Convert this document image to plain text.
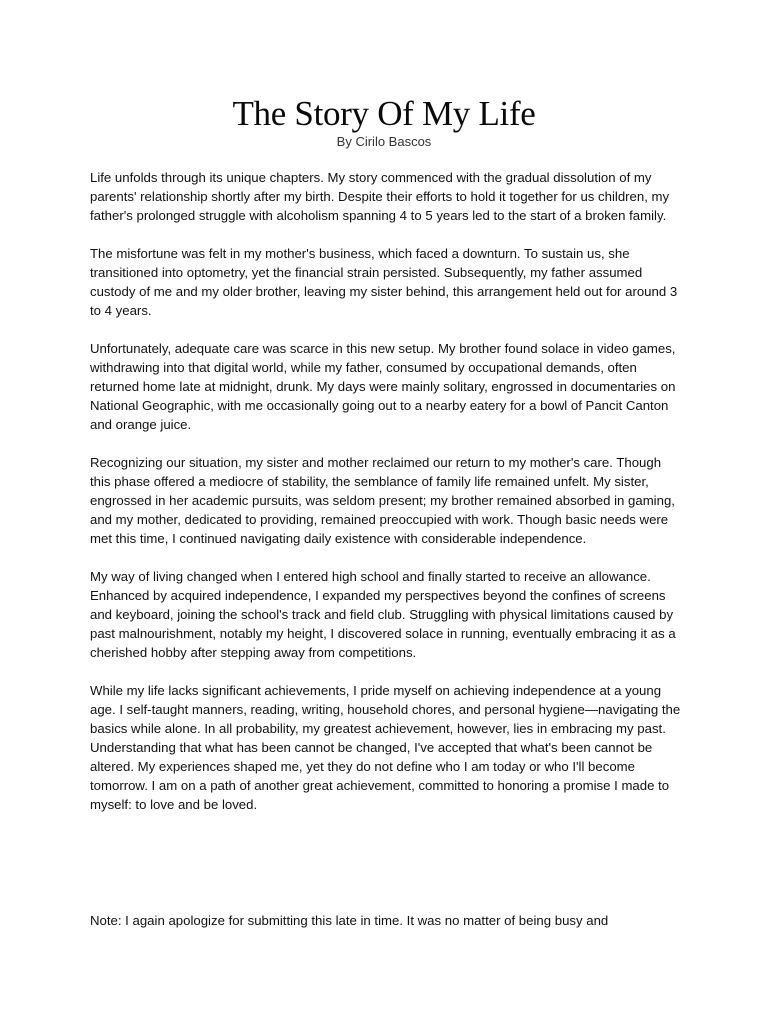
The Story Of My Life
By Cirilo Bascos

Life unfolds through its unique chapters. My story commenced with the gradual dissolution of my parents' relationship shortly after my birth. Despite their efforts to hold it together for us children, my father's prolonged struggle with alcoholism spanning 4 to 5 years led to the start of a broken family.

The misfortune was felt in my mother's business, which faced a downturn. To sustain us, she transitioned into optometry, yet the financial strain persisted. Subsequently, my father assumed custody of me and my older brother, leaving my sister behind, this arrangement held out for around 3 to 4 years.

Unfortunately, adequate care was scarce in this new setup. My brother found solace in video games, withdrawing into that digital world, while my father, consumed by occupational demands, often returned home late at midnight, drunk. My days were mainly solitary, engrossed in documentaries on National Geographic, with me occasionally going out to a nearby eatery for a bowl of Pancit Canton and orange juice.

Recognizing our situation, my sister and mother reclaimed our return to my mother's care. Though this phase offered a mediocre of stability, the semblance of family life remained unfelt. My sister, engrossed in her academic pursuits, was seldom present; my brother remained absorbed in gaming, and my mother, dedicated to providing, remained preoccupied with work. Though basic needs were met this time, I continued navigating daily existence with considerable independence.

My way of living changed when I entered high school and finally started to receive an allowance. Enhanced by acquired independence, I expanded my perspectives beyond the confines of screens and keyboard, joining the school's track and field club. Struggling with physical limitations caused by past malnourishment, notably my height, I discovered solace in running, eventually embracing it as a cherished hobby after stepping away from competitions.

While my life lacks significant achievements, I pride myself on achieving independence at a young age. I self-taught manners, reading, writing, household chores, and personal hygiene—navigating the basics while alone. In all probability, my greatest achievement, however, lies in embracing my past. Understanding that what has been cannot be changed, I've accepted that what's been cannot be altered. My experiences shaped me, yet they do not define who I am today or who I'll become tomorrow. I am on a path of another great achievement, committed to honoring a promise I made to myself: to love and be loved.

Note: I again apologize for submitting this late in time. It was no matter of being busy and
